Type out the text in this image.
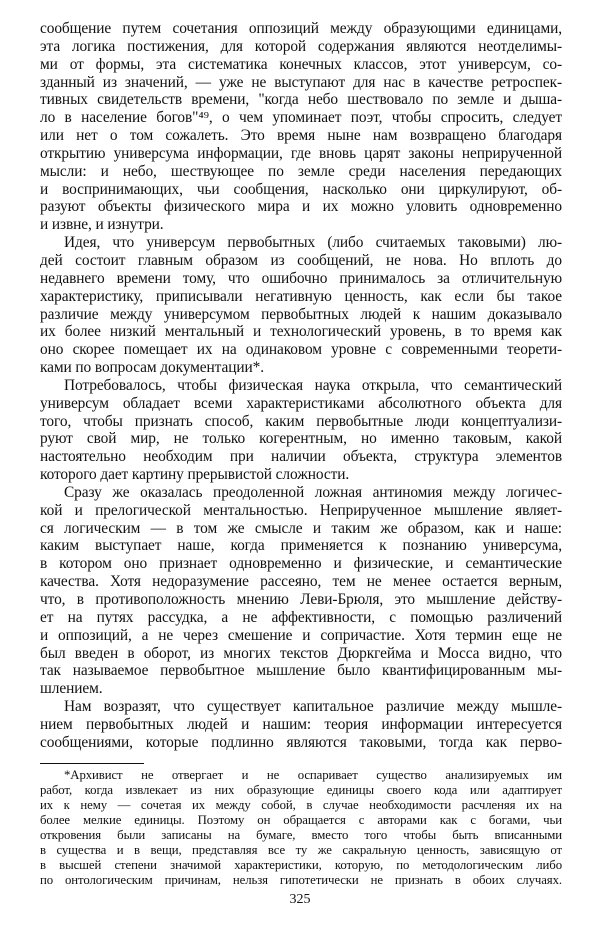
сообщение путем сочетания оппозиций между образующими единицами,
эта логика постижения, для которой содержания являются неотделимы-
ми от формы, эта систематика конечных классов, этот универсум, со-
зданный из значений, — уже не выступают для нас в качестве ретроспек-
тивных свидетельств времени, "когда небо шествовало по земле и дыша-
ло в население богов"⁴⁹, о чем упоминает поэт, чтобы спросить, следует
или нет о том сожалеть. Это время ныне нам возвращено благодаря
открытию универсума информации, где вновь царят законы неприрученной
мысли: и небо, шествующее по земле среди населения передающих
и воспринимающих, чьи сообщения, насколько они циркулируют, об-
разуют объекты физического мира и их можно уловить одновременно
и извне, и изнутри.
Идея, что универсум первобытных (либо считаемых таковыми) лю-
дей состоит главным образом из сообщений, не нова. Но вплоть до
недавнего времени тому, что ошибочно принималось за отличительную
характеристику, приписывали негативную ценность, как если бы такое
различие между универсумом первобытных людей к нашим доказывало
их более низкий ментальный и технологический уровень, в то время как
оно скорее помещает их на одинаковом уровне с современными теорети-
ками по вопросам документации*.
Потребовалось, чтобы физическая наука открыла, что семантический
универсум обладает всеми характеристиками абсолютного объекта для
того, чтобы признать способ, каким первобытные люди концептуализи-
руют свой мир, не только когерентным, но именно таковым, какой
настоятельно необходим при наличии объекта, структура элементов
которого дает картину прерывистой сложности.
Сразу же оказалась преодоленной ложная антиномия между логичес-
кой и прелогической ментальностью. Неприрученное мышление являет-
ся логическим — в том же смысле и таким же образом, как и наше:
каким выступает наше, когда применяется к познанию универсума,
в котором оно признает одновременно и физические, и семантические
качества. Хотя недоразумение рассеяно, тем не менее остается верным,
что, в противоположность мнению Леви-Брюля, это мышление действу-
ет на путях рассудка, а не аффективности, с помощью различений
и оппозиций, а не через смешение и сопричастие. Хотя термин еще не
был введен в оборот, из многих текстов Дюркгейма и Мосса видно, что
так называемое первобытное мышление было квантифицированным мы-
шлением.
Нам возразят, что существует капитальное различие между мышле-
нием первобытных людей и нашим: теория информации интересуется
сообщениями, которые подлинно являются таковыми, тогда как перво-
*Архивист не отвергает и не оспаривает существо анализируемых им
работ, когда извлекает из них образующие единицы своего кода или адаптирует
их к нему — сочетая их между собой, в случае необходимости расчленяя их на
более мелкие единицы. Поэтому он обращается с авторами как с богами, чьи
откровения были записаны на бумаге, вместо того чтобы быть вписанными
в существа и в вещи, представляя все ту же сакральную ценность, зависящую от
в высшей степени значимой характеристики, которую, по методологическим либо
по онтологическим причинам, нельзя гипотетически не признать в обоих случаях.
325
